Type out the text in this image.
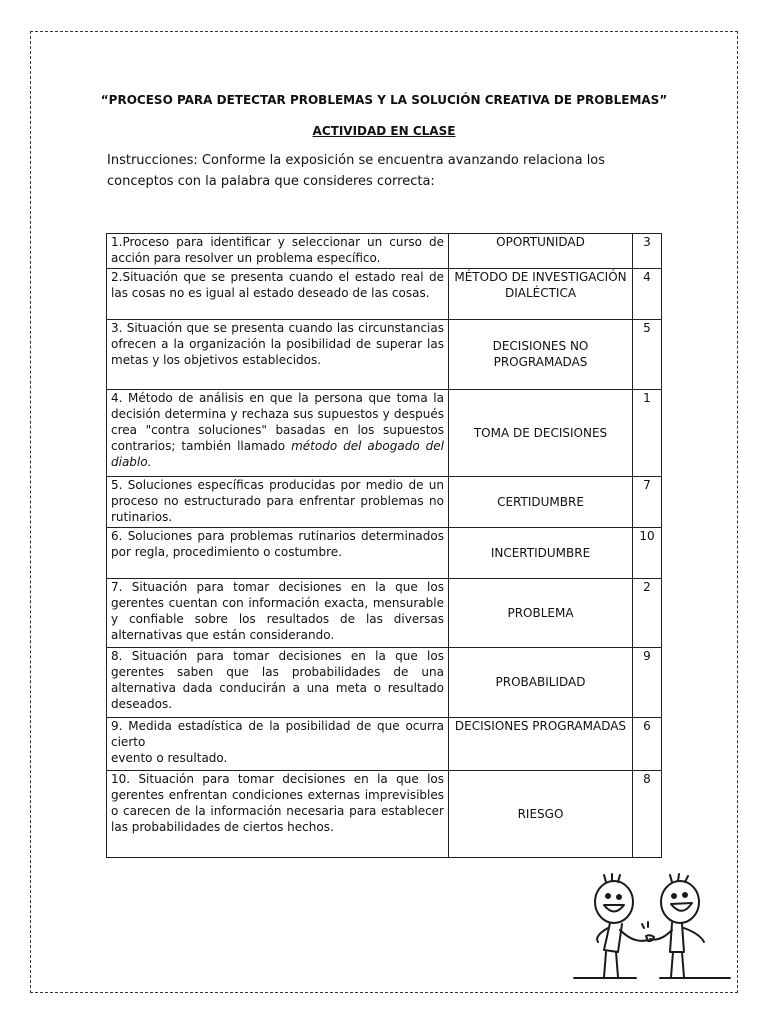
“PROCESO PARA DETECTAR PROBLEMAS Y LA SOLUCIÓN CREATIVA DE PROBLEMAS”
ACTIVIDAD EN CLASE
Instrucciones: Conforme la exposición se encuentra avanzando relaciona los conceptos con la palabra que consideres correcta:
1.Proceso para identificar y seleccionar un curso de acción para resolver un problema específico.	OPORTUNIDAD	3
2.Situación que se presenta cuando el estado real de las cosas no es igual al estado deseado de las cosas.	MÉTODO DE INVESTIGACIÓN DIALÉCTICA	4
3. Situación que se presenta cuando las circunstancias ofrecen a la organización la posibilidad de superar las metas y los objetivos establecidos.	DECISIONES NO PROGRAMADAS	5
4. Método de análisis en que la persona que toma la decisión determina y rechaza sus supuestos y después crea "contra soluciones" basadas en los supuestos contrarios; también llamado método del abogado del diablo.	TOMA DE DECISIONES	1
5. Soluciones específicas producidas por medio de un proceso no estructurado para enfrentar problemas no rutinarios.	CERTIDUMBRE	7
6. Soluciones para problemas rutinarios determinados por regla, procedimiento o costumbre.	INCERTIDUMBRE	10
7. Situación para tomar decisiones en la que los gerentes cuentan con información exacta, mensurable y confiable sobre los resultados de las diversas alternativas que están considerando.	PROBLEMA	2
8. Situación para tomar decisiones en la que los gerentes saben que las probabilidades de una alternativa dada conducirán a una meta o resultado deseados.	PROBABILIDAD	9
9. Medida estadística de la posibilidad de que ocurra cierto
evento o resultado.	DECISIONES PROGRAMADAS	6
10. Situación para tomar decisiones en la que los gerentes enfrentan condiciones externas imprevisibles o carecen de la información necesaria para establecer las probabilidades de ciertos hechos.	RIESGO	8
